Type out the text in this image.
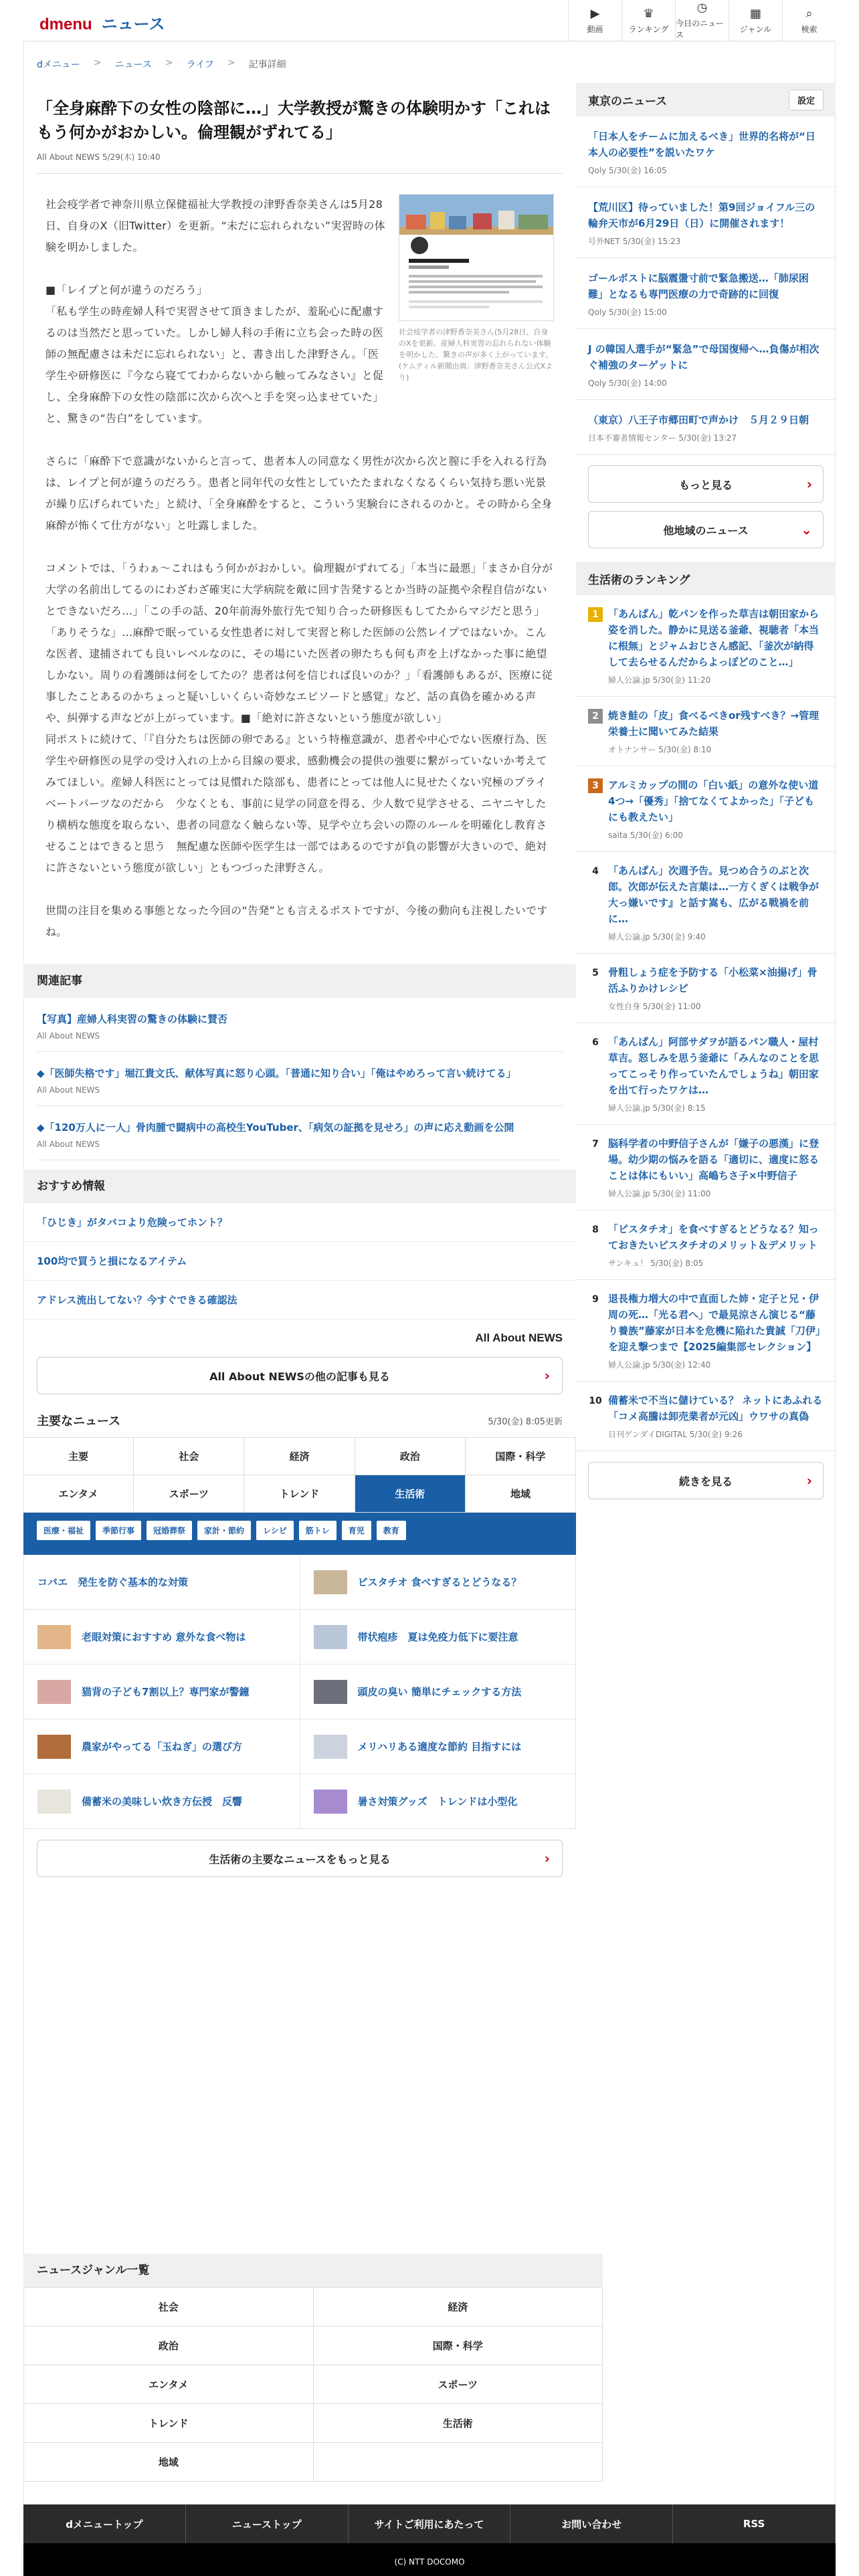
dmenu ニュース
▶
動画
♛
ランキング
◷
今日のニュース
▦
ジャンル
⌕
検索
dメニュー > ニュース > ライフ > 記事詳細
「全身麻酔下の女性の陰部に…」大学教授が驚きの体験明かす「これはもう何かがおかしい。倫理観がずれてる」
All About NEWS 5/29(木) 10:40
社会疫学者の津野香奈美さん(5月28日、自身のXを更新。産婦人科実習の忘れられない体験を明かした。驚きの声が多く上がっています。(ケムティル新聞出典：津野香奈美さん公式Xより)

社会疫学者で神奈川県立保健福祉大学教授の津野香奈美さんは5月28日、自身のX（旧Twitter）を更新。“未だに忘れられない”実習時の体験を明かしました。

■「レイプと何が違うのだろう」
「私も学生の時産婦人科で実習させて頂きましたが、羞恥心に配慮するのは当然だと思っていた。しかし婦人科の手術に立ち会った時の医師の無配慮さは未だに忘れられない」と、書き出した津野さん。「医学生や研修医に『今なら寝ててわからないから触ってみなさい』と促し、全身麻酔下の女性の陰部に次から次へと手を突っ込ませていた」と、驚きの“告白”をしています。

さらに「麻酔下で意識がないからと言って、患者本人の同意なく男性が次から次と膣に手を入れる行為は、レイプと何が違うのだろう。患者と同年代の女性としていたたまれなくなるくらい気持ち悪い光景が繰り広げられていた」と続け、「全身麻酔をすると、こういう実験台にされるのかと。その時から全身麻酔が怖くて仕方がない」と吐露しました。

コメントでは、「うわぁ〜これはもう何かがおかしい。倫理観がずれてる」「本当に最悪」「まさか自分が大学の名前出してるのにわざわざ確実に大学病院を敵に回す告発するとか当時の証拠や余程自信がないとできないだろ…」「この手の話、20年前海外旅行先で知り合った研修医もしてたからマジだと思う」「ありそうな」…麻酔で眠っている女性患者に対して実習と称した医師の公然レイプではないか。こんな医者、逮捕されても良いレベルなのに、その場にいた医者の卵たちも何も声を上げなかった事に絶望しかない。周りの看護師は何をしてたの？患者は何を信じれば良いのか？」「看護師もあるが、医療に従事したことあるのかちょっと疑いしいくらい奇妙なエピソードと感覚」など、話の真偽を確かめる声や、糾弾する声などが上がっています。■「絶対に許さないという態度が欲しい」
同ポストに続けて、「『自分たちは医師の卵である』という特権意識が、患者や中心でない医療行為、医学生や研修医の見学の受け入れの上から目線の要求、感動機会の提供の強要に繋がっていないか考えてみてほしい。産婦人科医にとっては見慣れた陰部も、患者にとっては他人に見せたくない究極のプライベートパーツなのだから　少なくとも、事前に見学の同意を得る、少人数で見学させる、ニヤニヤしたり横柄な態度を取らない、患者の同意なく触らない等、見学や立ち会いの際のルールを明確化し教育させることはできると思う　無配慮な医師や医学生は一部ではあるのですが負の影響が大きいので、絶対に許さないという態度が欲しい」ともつづった津野さん。

世間の注目を集める事態となった今回の“告発”とも言えるポストですが、今後の動向も注視したいですね。

関連記事
【写真】産婦人科実習の驚きの体験に賛否
All About NEWS
◆「医師失格です」堀江貴文氏、献体写真に怒り心頭。「普通に知り合い」「俺はやめろって言い続けてる」
All About NEWS
◆「120万人に一人」骨肉腫で闘病中の高校生YouTuber、「病気の証拠を見せろ」の声に応え動画を公開
All About NEWS
おすすめ情報
「ひじき」がタバコより危険ってホント？
100均で買うと損になるアイテム
アドレス流出してない？今すぐできる確認法
All About NEWS
All About NEWSの他の記事も見る	›
主要なニュース	5/30(金) 8:05更新
主要	社会	経済	政治	国際・科学
エンタメ	スポーツ	トレンド	生活術	地域
医療・福祉	季節行事	冠婚葬祭	家計・節約	レシピ	筋トレ	育児	教育
コバエ　発生を防ぐ基本的な対策	ピスタチオ 食べすぎるとどうなる？
老眼対策におすすめ 意外な食べ物は	帯状疱疹　夏は免疫力低下に要注意
猫背の子ども7割以上？専門家が警鐘	頭皮の臭い 簡単にチェックする方法
農家がやってる「玉ねぎ」の選び方	メリハリある適度な節約 目指すには
備蓄米の美味しい炊き方伝授　反響	暑さ対策グッズ　トレンドは小型化
生活術の主要なニュースをもっと見る	›
ニュースジャンル一覧
社会	経済
政治	国際・科学
エンタメ	スポーツ
トレンド	生活術
地域
東京のニュース	設定
「日本人をチームに加えるべき」世界的名将が“日本人の必要性”を説いたワケ
Qoly 5/30(金) 16:05
【荒川区】待っていました！第9回ジョイフル三の輪弁天市が6月29日（日）に開催されます！
号外NET 5/30(金) 15:23
ゴールポストに脳震盪寸前で緊急搬送…「肺尿困難」となるも専門医療の力で奇跡的に回復
Qoly 5/30(金) 15:00
J の韓国人選手が“緊急”で母国復帰へ…負傷が相次ぐ補強のターゲットに
Qoly 5/30(金) 14:00
（東京）八王子市郷田町で声かけ　５月２９日朝
日本不審者情報センター 5/30(金) 13:27
もっと見る	›
他地域のニュース	⌄
生活術のランキング
1 「あんぱん」乾パンを作った草吉は朝田家から姿を消した。静かに見送る釜爺、視聴者「本当に根無」とジャムおじさん感記、「釜次が納得して去らせるんだからよっぽどのこと…」
婦人公論.jp 5/30(金) 11:20
2 焼き鮭の「皮」食べるべきor残すべき？→管理栄養士に聞いてみた結果
オトナンサー 5/30(金) 8:10
3 アルミカップの間の「白い紙」の意外な使い道4つ→「優秀」「捨てなくてよかった」「子どもにも教えたい」
saita 5/30(金) 6:00
4 「あんぱん」次週予告。見つめ合うのぶと次郎。次郎が伝えた言葉は…一方くぎくは戦争が大っ嫌いです』と話す嵩も、広がる戦禍を前に…
婦人公論.jp 5/30(金) 9:40
5 骨粗しょう症を予防する「小松菜×油揚げ」骨活ふりかけレシピ
女性自身 5/30(金) 11:00
6 「あんぱん」阿部サダヲが語るパン職人・屋村草吉。怒しみを思う釜爺に「みんなのことを思ってこっそり作っていたんでしょうね」朝田家を出て行ったワケは…
婦人公論.jp 5/30(金) 8:15
7 脳科学者の中野信子さんが「嫌子の悪漢」に登場。幼少期の悩みを語る「適切に、適度に怒ることは体にもいい」高嶋ちさ子×中野信子
婦人公論.jp 5/30(金) 11:00
8 「ピスタチオ」を食べすぎるとどうなる？知っておきたいピスタチオのメリット＆デメリット
サンキュ！ 5/30(金) 8:05
9 退長権力増大の中で直面した姉・定子と兄・伊周の死…「光る君へ」で最晃涼さん演じる“藤り養族”藤家が日本を危機に陥れた貴誠「刀伊」を迎え撃つまで【2025編集部セレクション】
婦人公論.jp 5/30(金) 12:40
10 備蓄米で不当に儲けている？ ネットにあふれる「コメ高騰は卸売業者が元凶」ウワサの真偽
日刊ゲンダイDIGITAL 5/30(金) 9:26
続きを見る	›
dメニュートップ	ニューストップ	サイトご利用にあたって	お問い合わせ	RSS
(C) NTT DOCOMO
